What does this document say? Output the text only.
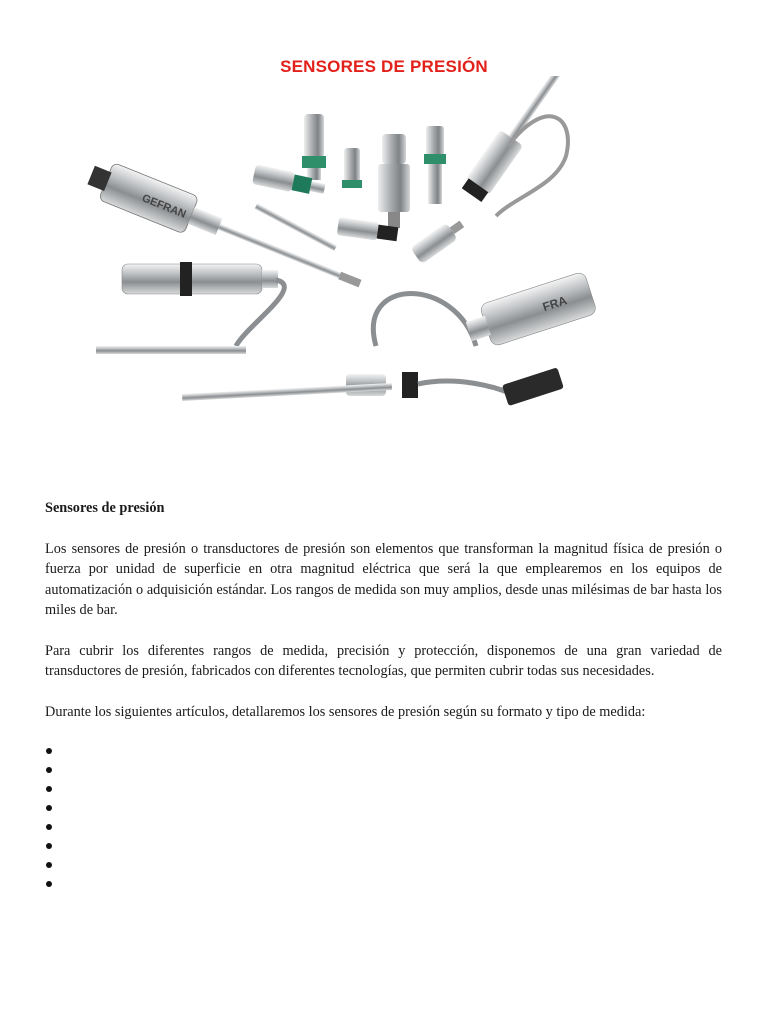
SENSORES DE PRESIÓN
GEFRAN
FRA

Sensores de presión

Los sensores de presión o transductores de presión son elementos que transforman la magnitud física de presión o fuerza por unidad de superficie en otra magnitud eléctrica que será la que emplearemos en los equipos de automatización o adquisición estándar. Los rangos de medida son muy amplios, desde unas milésimas de bar hasta los miles de bar.

Para cubrir los diferentes rangos de medida, precisión y protección, disponemos de una gran variedad de transductores de presión, fabricados con diferentes tecnologías, que permiten cubrir todas sus necesidades.

Durante los siguientes artículos, detallaremos los sensores de presión según su formato y tipo de medida:
